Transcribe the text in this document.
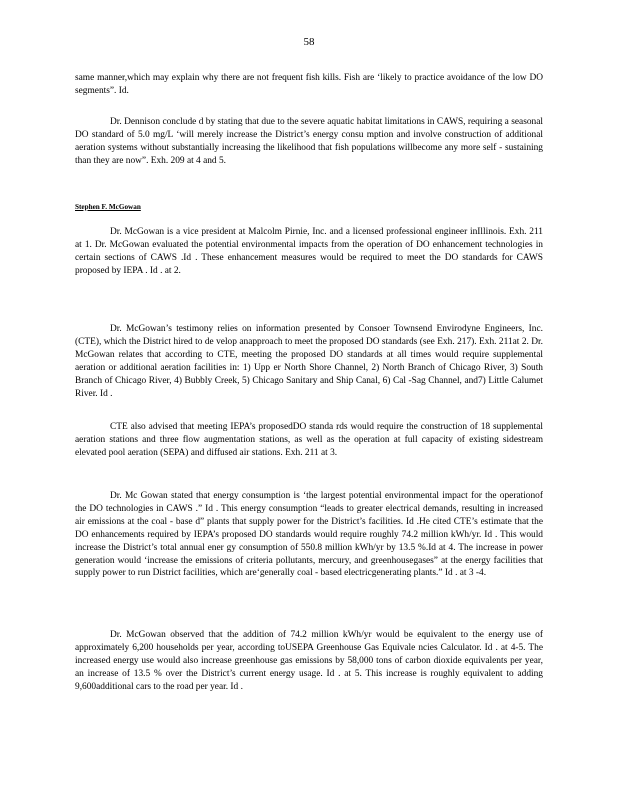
58

same manner,which may explain why there are not frequent fish kills. Fish are ‘likely to practice avoidance of the low DO segments”. Id.

Dr. Dennison conclude d by stating that due to the severe aquatic habitat limitations in CAWS, requiring a seasonal DO standard of 5.0 mg/L ‘will merely increase the District’s energy consu mption and involve construction of additional aeration systems without substantially increasing the likelihood that fish populations willbecome any more self - sustaining than they are now”. Exh. 209 at 4 and 5.

Stephen F. McGowan

Dr. McGowan is a vice president at Malcolm Pirnie, Inc. and a licensed professional engineer inIllinois. Exh. 211 at 1. Dr. McGowan evaluated the potential environmental impacts from the operation of DO enhancement technologies in certain sections of CAWS .Id . These enhancement measures would be required to meet the DO standards for CAWS proposed by IEPA . Id . at 2.

Dr. McGowan’s testimony relies on information presented by Consoer Townsend Envirodyne Engineers, Inc. (CTE), which the District hired to de velop anapproach to meet the proposed DO standards (see Exh. 217). Exh. 211at 2. Dr. McGowan relates that according to CTE, meeting the proposed DO standards at all times would require supplemental aeration or additional aeration facilities in: 1) Upp er North Shore Channel, 2) North Branch of Chicago River, 3) South Branch of Chicago River, 4) Bubbly Creek, 5) Chicago Sanitary and Ship Canal, 6) Cal -Sag Channel, and7) Little Calumet River. Id .

CTE also advised that meeting IEPA’s proposedDO standa rds would require the construction of 18 supplemental aeration stations and three flow augmentation stations, as well as the operation at full capacity of existing sidestream elevated pool aeration (SEPA) and diffused air stations. Exh. 211 at 3.

Dr. Mc Gowan stated that energy consumption is ‘the largest potential environmental impact for the operationof the DO technologies in CAWS .” Id . This energy consumption “leads to greater electrical demands, resulting in increased air emissions at the coal - base d” plants that supply power for the District’s facilities. Id .He cited CTE’s estimate that the DO enhancements required by IEPA’s proposed DO standards would require roughly 74.2 million kWh/yr. Id . This would increase the District’s total annual ener gy consumption of 550.8 million kWh/yr by 13.5 %.Id at 4. The increase in power generation would ‘increase the emissions of criteria pollutants, mercury, and greenhousegases” at the energy facilities that supply power to run District facilities, which are‘generally coal - based electricgenerating plants.” Id . at 3 -4.

Dr. McGowan observed that the addition of 74.2 million kWh/yr would be equivalent to the energy use of approximately 6,200 households per year, according toUSEPA Greenhouse Gas Equivale ncies Calculator. Id . at 4-5. The increased energy use would also increase greenhouse gas emissions by 58,000 tons of carbon dioxide equivalents per year, an increase of 13.5 % over the District’s current energy usage. Id . at 5. This increase is roughly equivalent to adding 9,600additional cars to the road per year. Id .
